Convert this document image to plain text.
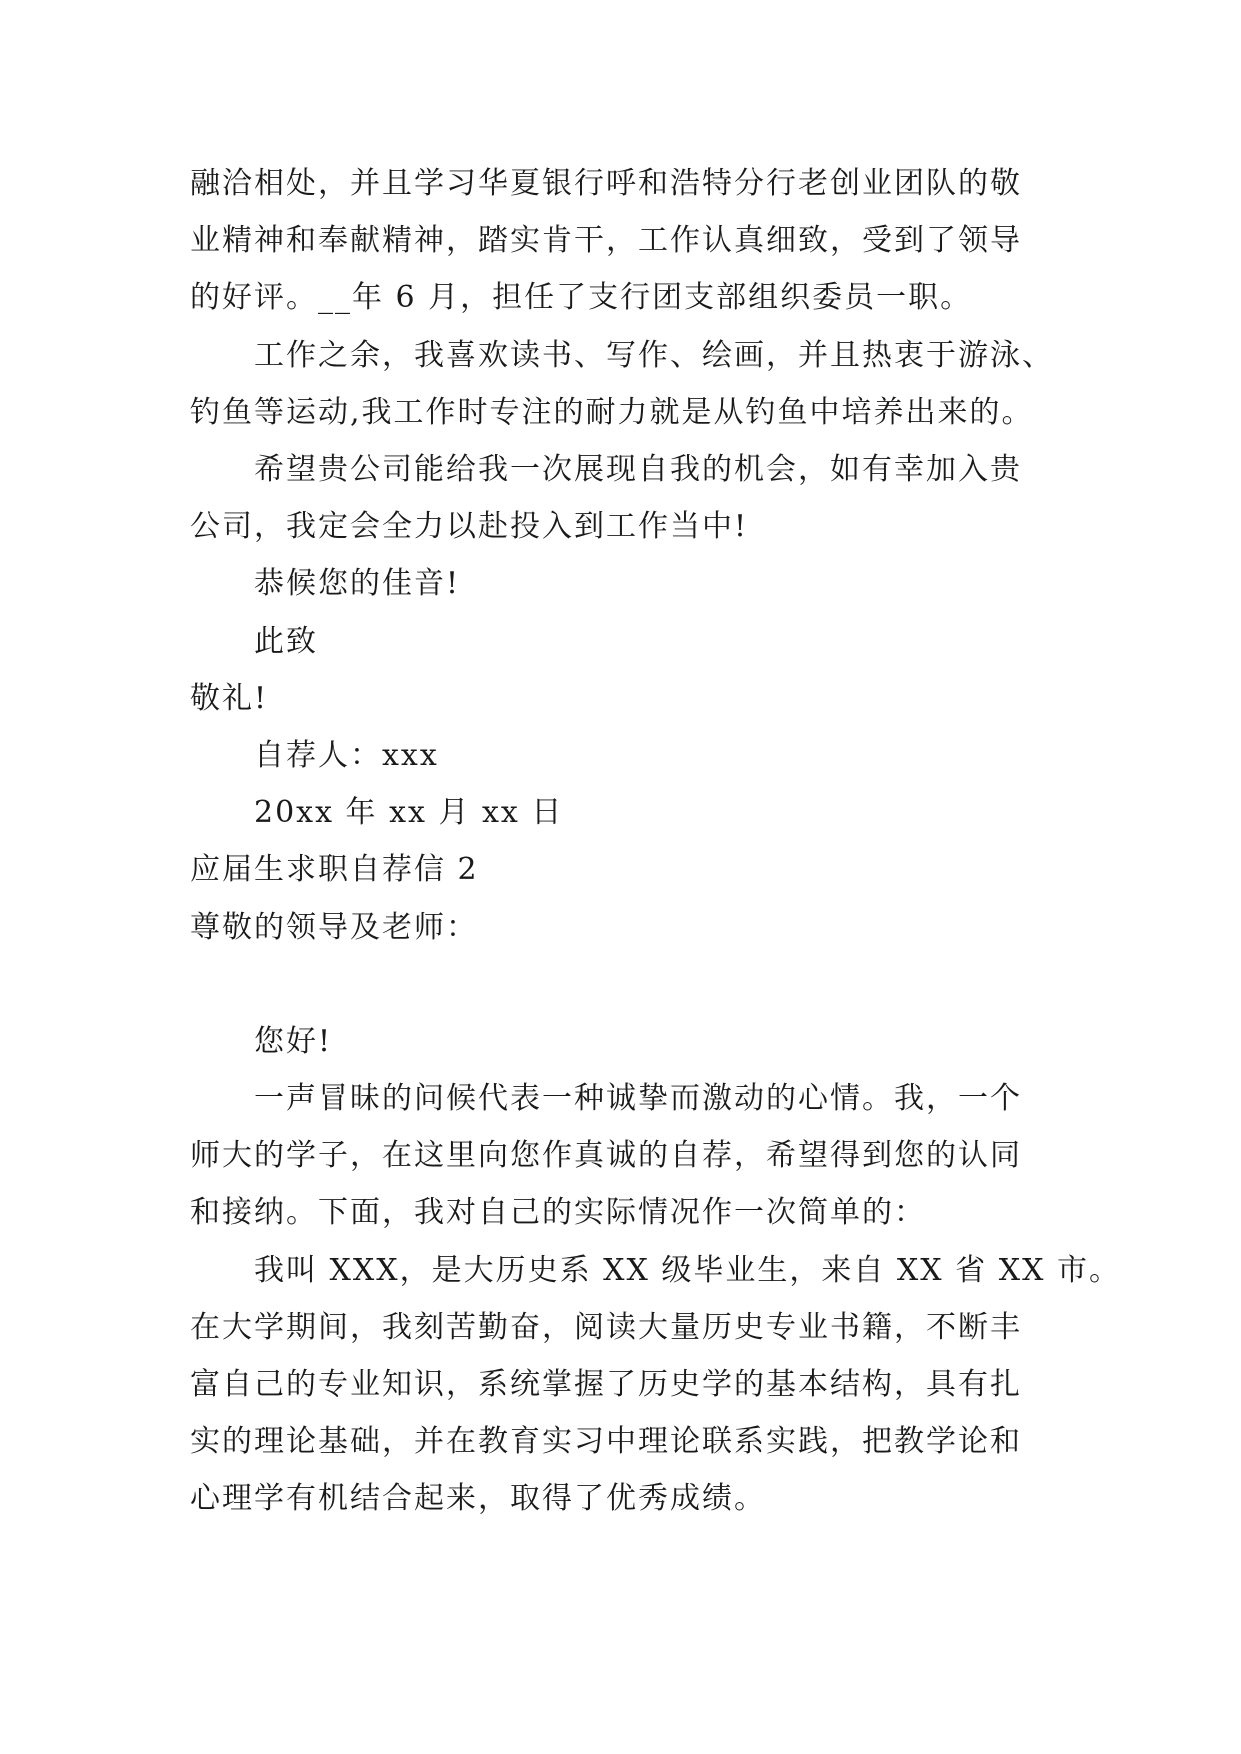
融洽相处，并且学习华夏银行呼和浩特分行老创业团队的敬
业精神和奉献精神，踏实肯干，工作认真细致，受到了领导
的好评。__年 6 月，担任了支行团支部组织委员一职。
工作之余，我喜欢读书、写作、绘画，并且热衷于游泳、
钓鱼等运动,我工作时专注的耐力就是从钓鱼中培养出来的。
希望贵公司能给我一次展现自我的机会，如有幸加入贵
公司，我定会全力以赴投入到工作当中!
恭候您的佳音!
此致
敬礼!
自荐人：xxx
20xx 年 xx 月 xx 日
应届生求职自荐信 2
尊敬的领导及老师：
您好!
一声冒昧的问候代表一种诚挚而激动的心情。我，一个
师大的学子，在这里向您作真诚的自荐，希望得到您的认同
和接纳。下面，我对自己的实际情况作一次简单的：
我叫 XXX，是大历史系 XX 级毕业生，来自 XX 省 XX 市。
在大学期间，我刻苦勤奋，阅读大量历史专业书籍，不断丰
富自己的专业知识，系统掌握了历史学的基本结构，具有扎
实的理论基础，并在教育实习中理论联系实践，把教学论和
心理学有机结合起来，取得了优秀成绩。
